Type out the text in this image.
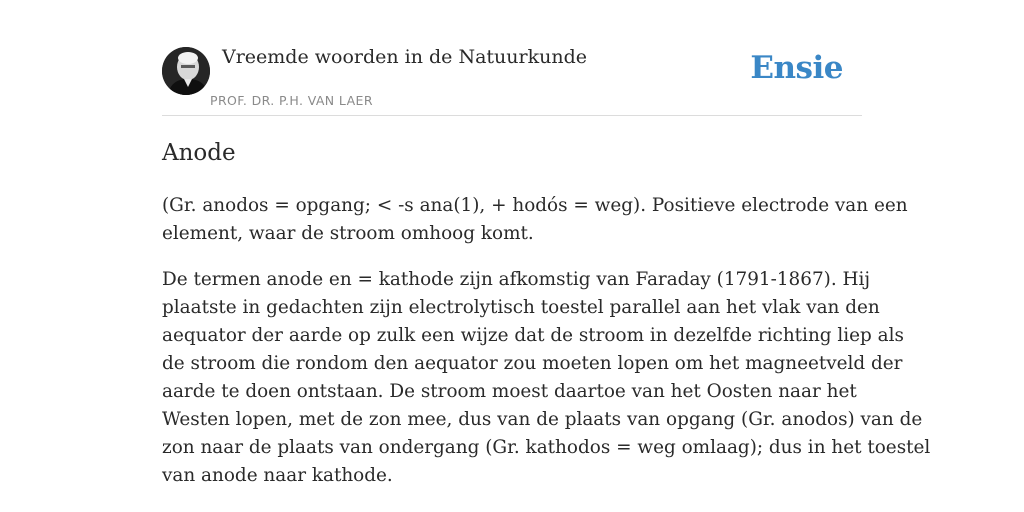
Vreemde woorden in de Natuurkunde
PROF. DR. P.H. VAN LAER
Ensie
Anode

(Gr. anodos = opgang; < -s ana(1), + hodós = weg). Positieve electrode van een
element, waar de stroom omhoog komt.

De termen anode en = kathode zijn afkomstig van Faraday (1791-1867). Hij
plaatste in gedachten zijn electrolytisch toestel parallel aan het vlak van den
aequator der aarde op zulk een wijze dat de stroom in dezelfde richting liep als
de stroom die rondom den aequator zou moeten lopen om het magneetveld der
aarde te doen ontstaan. De stroom moest daartoe van het Oosten naar het
Westen lopen, met de zon mee, dus van de plaats van opgang (Gr. anodos) van de
zon naar de plaats van ondergang (Gr. kathodos = weg omlaag); dus in het toestel
van anode naar kathode.
